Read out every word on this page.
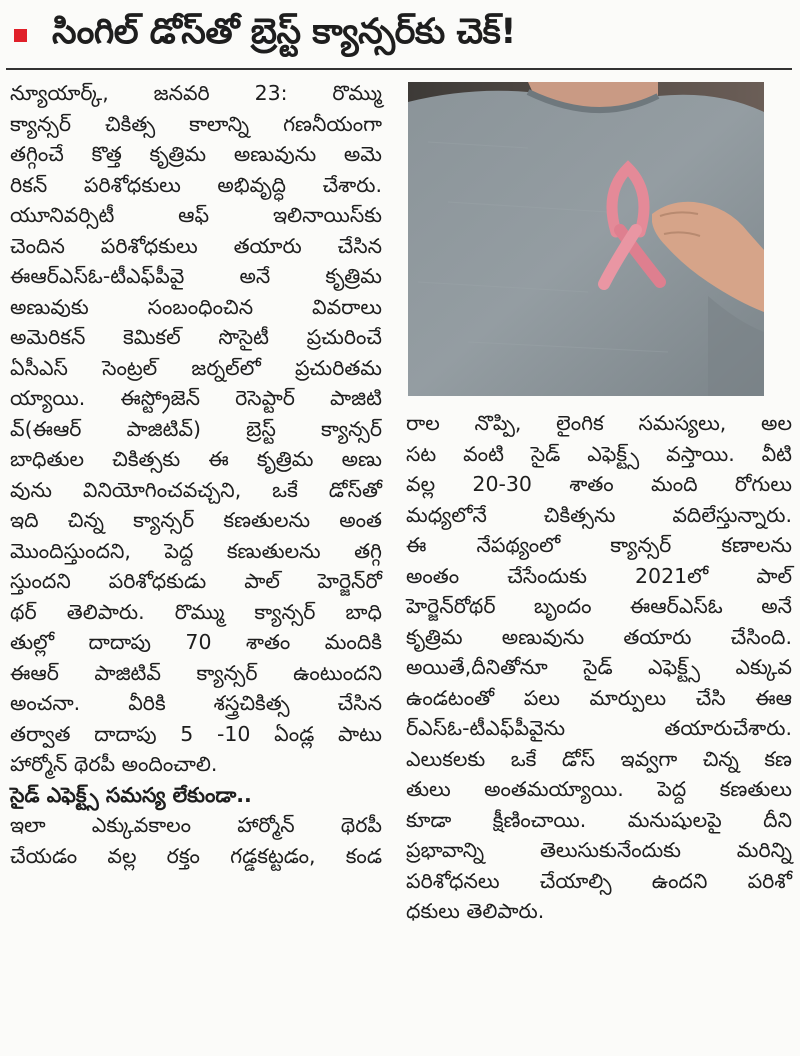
సింగిల్ డోస్‌తో బ్రెస్ట్ క్యాన్సర్‌కు చెక్!
న్యూయార్క్, జనవరి 23: రొమ్ము
క్యాన్సర్ చికిత్స కాలాన్ని గణనీయంగా
తగ్గించే కొత్త కృత్రిమ అణువును అమె
రికన్ పరిశోధకులు అభివృద్ధి చేశారు.
యూనివర్సిటీ ఆఫ్ ఇలినాయిస్‌కు
చెందిన పరిశోధకులు తయారు చేసిన
ఈఆర్ఎస్ఓ-టీఎఫ్‌పీవై అనే కృత్రిమ
అణువుకు సంబంధించిన వివరాలు
అమెరికన్ కెమికల్ సొసైటీ ప్రచురించే
ఏసీఎస్ సెంట్రల్ జర్నల్‌లో ప్రచురితమ
య్యాయి. ఈస్ట్రోజెన్ రెసెప్టార్ పాజిటి
వ్(ఈఆర్ పాజిటివ్) బ్రెస్ట్ క్యాన్సర్
బాధితుల చికిత్సకు ఈ కృత్రిమ అణు
వును వినియోగించవచ్చని, ఒకే డోస్‌తో
ఇది చిన్న క్యాన్సర్ కణతులను అంత
మొందిస్తుందని, పెద్ద కణుతులను తగ్గి
స్తుందని పరిశోధకుడు పాల్ హెర్జెన్‌రో
థర్ తెలిపారు. రొమ్ము క్యాన్సర్ బాధి
తుల్లో దాదాపు 70 శాతం మందికి
ఈఆర్ పాజిటివ్ క్యాన్సర్ ఉంటుందని
అంచనా. వీరికి శస్త్రచికిత్స చేసిన
తర్వాత దాదాపు 5 -10 ఏండ్ల పాటు
హార్మోన్ థెరపీ అందించాలి.
సైడ్ ఎఫెక్ట్స్ సమస్య లేకుండా..
ఇలా ఎక్కువకాలం హార్మోన్ థెరపీ
చేయడం వల్ల రక్తం గడ్డకట్టడం, కండ
రాల నొప్పి, లైంగిక సమస్యలు, అల
సట వంటి సైడ్ ఎఫెక్ట్స్ వస్తాయి. వీటి
వల్ల 20-30 శాతం మంది రోగులు
మధ్యలోనే చికిత్సను వదిలేస్తున్నారు.
ఈ నేపథ్యంలో క్యాన్సర్ కణాలను
అంతం చేసేందుకు 2021లో పాల్
హెర్జెన్‌రోథర్ బృందం ఈఆర్ఎస్ఓ అనే
కృత్రిమ అణువును తయారు చేసింది.
అయితే,దీనితోనూ సైడ్ ఎఫెక్ట్స్ ఎక్కువ
ఉండటంతో పలు మార్పులు చేసి ఈఆ
ర్ఎస్ఓ-టీఎఫ్‌పీవైను తయారుచేశారు.
ఎలుకలకు ఒకే డోస్ ఇవ్వగా చిన్న కణ
తులు అంతమయ్యాయి. పెద్ద కణతులు
కూడా క్షీణించాయి. మనుషులపై దీని
ప్రభావాన్ని తెలుసుకునేందుకు మరిన్ని
పరిశోధనలు చేయాల్సి ఉందని పరిశో
ధకులు తెలిపారు.
